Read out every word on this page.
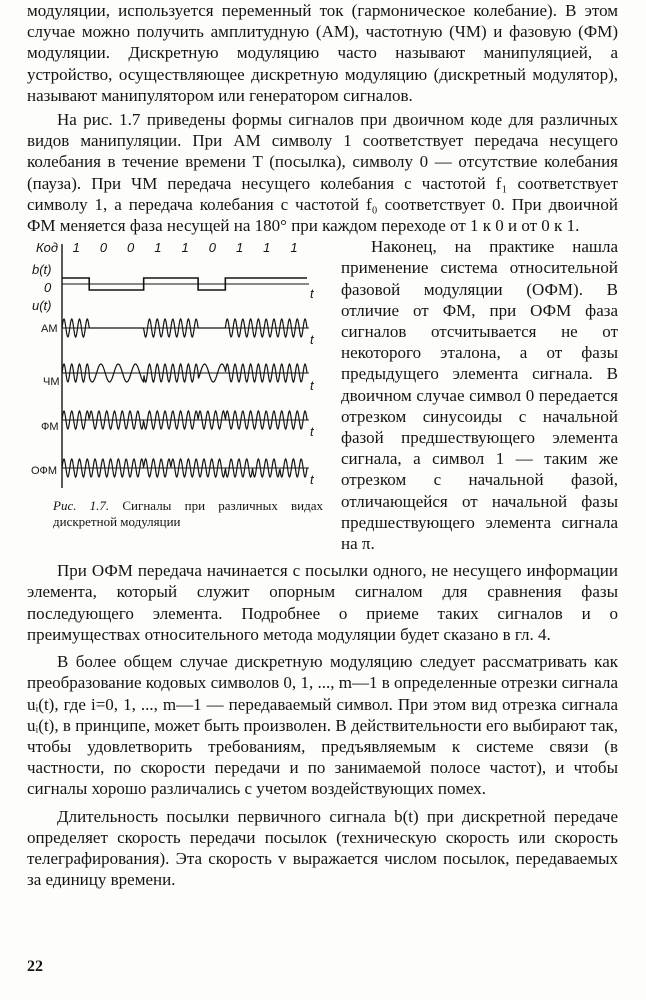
модуляции, используется переменный ток (гармоническое колебание). В этом случае можно получить амплитудную (АМ), частотную (ЧМ) и фазовую (ФМ) модуляции. Дискретную модуляцию часто называют манипуляцией, а устройство, осуществляющее дискретную модуляцию (дискретный модулятор), называют манипулятором или генератором сигналов.

На рис. 1.7 приведены формы сигналов при двоичном коде для различных видов манипуляции. При АМ символу 1 соответствует передача несущего колебания в течение времени T (посылка), символу 0 — отсутствие колебания (пауза). При ЧМ передача несущего колебания с частотой f₁ соответствует символу 1, а передача колебания с частотой f₀ соответствует 0. При двоичной ФМ меняется фаза несущей на 180° при каждом переходе от 1 к 0 и от 0 к 1.

Код 1 0 0 1 1 0 1 1 1
b(t)
0
u(t)
АМ
ЧМ
ФМ
ОФМ
t
t
t
t
t
Рис. 1.7. Сигналы при различных видах дискретной модуляции

Наконец, на практике нашла применение система относительной фазовой модуляции (ОФМ). В отличие от ФМ, при ОФМ фаза сигналов отсчитывается не от некоторого эталона, а от фазы предыдущего элемента сигнала. В двоичном случае символ 0 передается отрезком синусоиды с начальной фазой предшествующего элемента сигнала, а символ 1 — таким же отрезком с начальной фазой, отличающейся от начальной фазы предшествующего элемента сигнала на π.

При ОФМ передача начинается с посылки одного, не несущего информации элемента, который служит опорным сигналом для сравнения фазы последующего элемента. Подробнее о приеме таких сигналов и о преимуществах относительного метода модуляции будет сказано в гл. 4.

В более общем случае дискретную модуляцию следует рассматривать как преобразование кодовых символов 0, 1, ..., m—1 в определенные отрезки сигнала uᵢ(t), где i=0, 1, ..., m—1 — передаваемый символ. При этом вид отрезка сигнала uᵢ(t), в принципе, может быть произволен. В действительности его выбирают так, чтобы удовлетворить требованиям, предъявляемым к системе связи (в частности, по скорости передачи и по занимаемой полосе частот), и чтобы сигналы хорошо различались с учетом воздействующих помех.

Длительность посылки первичного сигнала b(t) при дискретной передаче определяет скорость передачи посылок (техническую скорость или скорость телеграфирования). Эта скорость v выражается числом посылок, передаваемых за единицу времени.

22
